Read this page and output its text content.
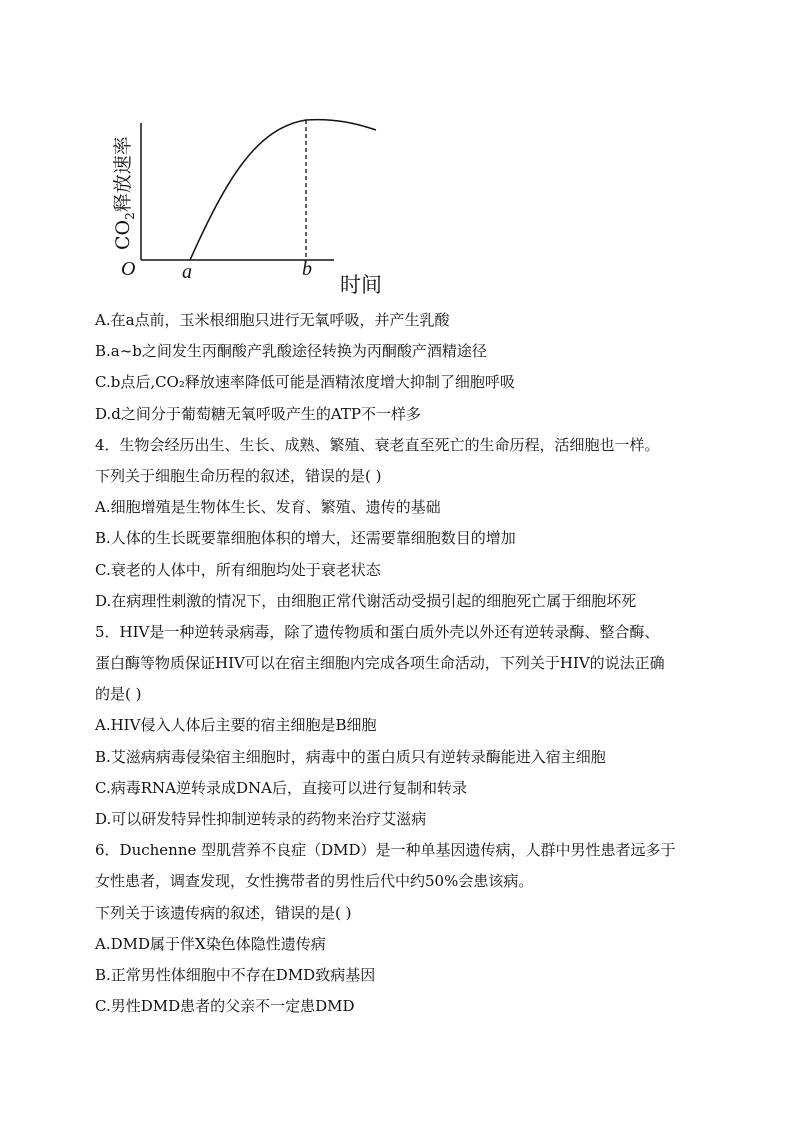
$CO_2$释放速率
O a	b
时间
A.在a点前，玉米根细胞只进行无氧呼吸，并产生乳酸
B.a~b之间发生丙酮酸产乳酸途径转换为丙酮酸产酒精途径
C.b点后,CO₂释放速率降低可能是酒精浓度增大抑制了细胞呼吸
D.d之间分于葡萄糖无氧呼吸产生的ATP不一样多
4．生物会经历出生、生长、成熟、繁殖、衰老直至死亡的生命历程，活细胞也一样。
下列关于细胞生命历程的叙述，错误的是( )
A.细胞增殖是生物体生长、发育、繁殖、遗传的基础
B.人体的生长既要靠细胞体积的增大，还需要靠细胞数目的增加
C.衰老的人体中，所有细胞均处于衰老状态
D.在病理性刺激的情况下，由细胞正常代谢活动受损引起的细胞死亡属于细胞坏死
5．HIV是一种逆转录病毒，除了遗传物质和蛋白质外壳以外还有逆转录酶、整合酶、
蛋白酶等物质保证HIV可以在宿主细胞内完成各项生命活动，下列关于HIV的说法正确
的是( )
A.HIV侵入人体后主要的宿主细胞是B细胞
B.艾滋病病毒侵染宿主细胞时，病毒中的蛋白质只有逆转录酶能进入宿主细胞
C.病毒RNA逆转录成DNA后，直接可以进行复制和转录
D.可以研发特异性抑制逆转录的药物来治疗艾滋病
6．Duchenne 型肌营养不良症（DMD）是一种单基因遗传病，人群中男性患者远多于
女性患者，调查发现，女性携带者的男性后代中约50%会患该病。
下列关于该遗传病的叙述，错误的是( )
A.DMD属于伴X染色体隐性遗传病
B.正常男性体细胞中不存在DMD致病基因
C.男性DMD患者的父亲不一定患DMD
